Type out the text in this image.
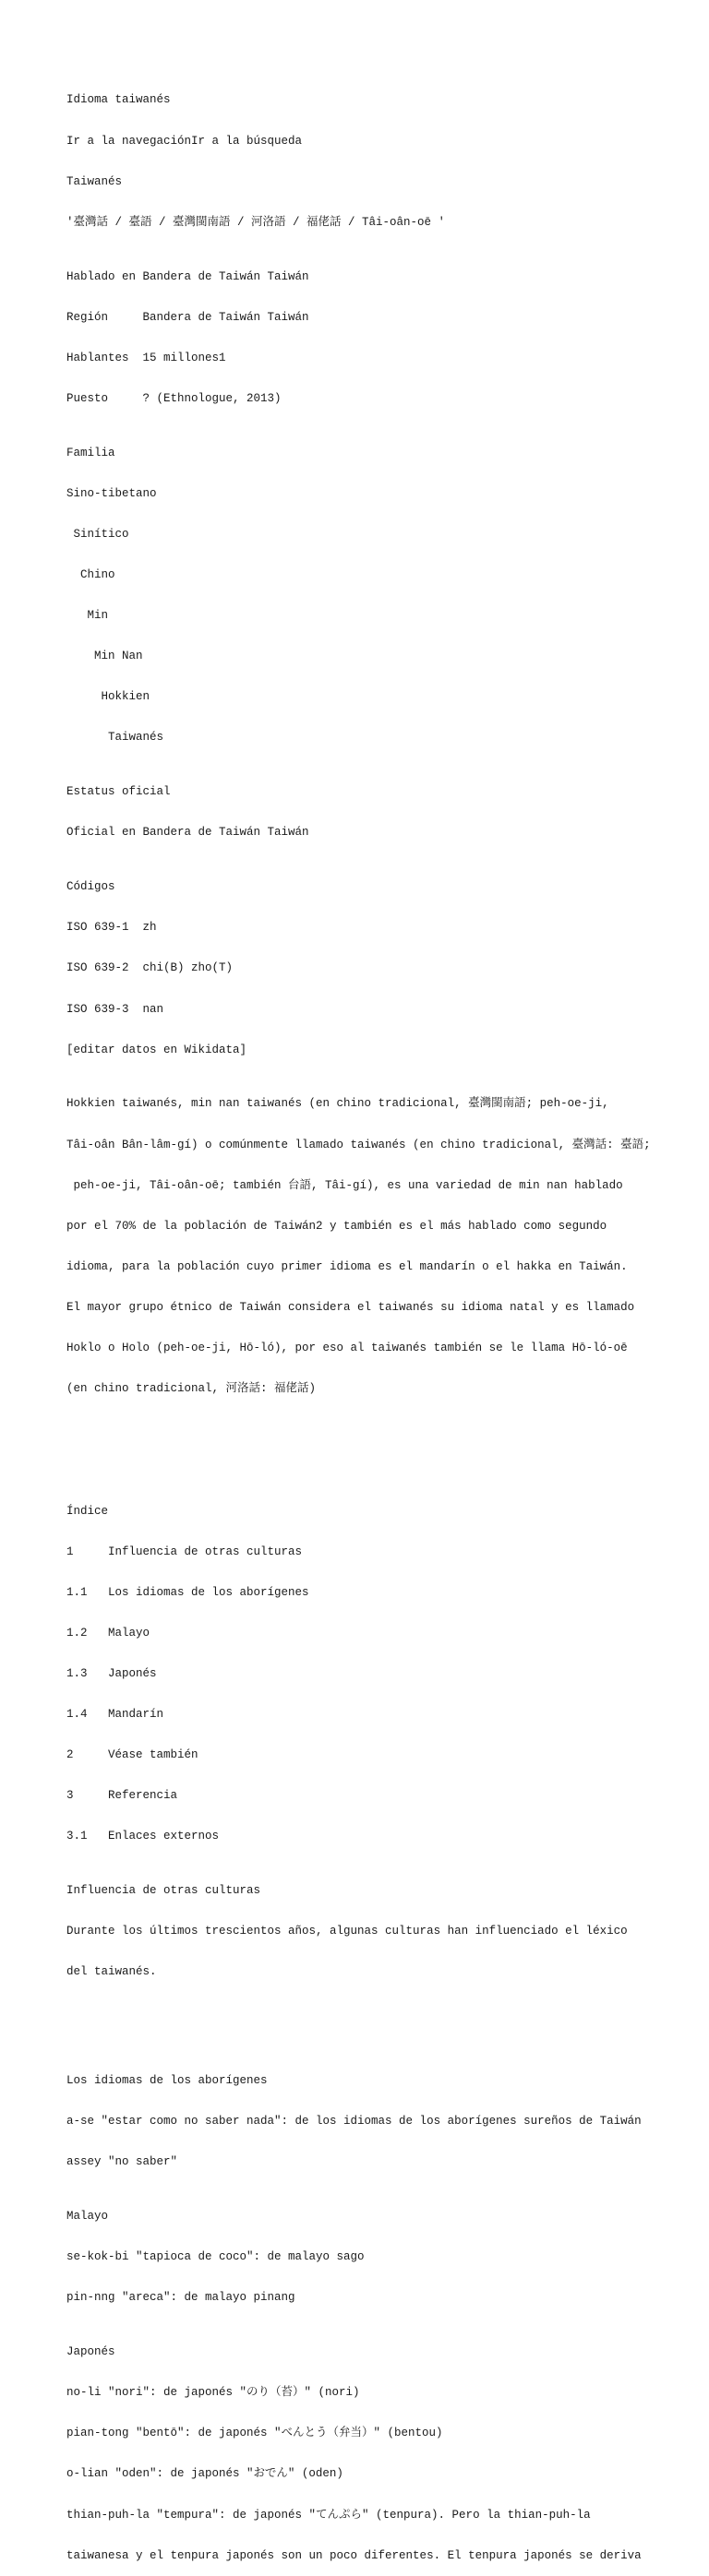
Idioma taiwanés

Ir a la navegaciónIr a la búsqueda

Taiwanés

'臺灣話 / 臺語 / 臺灣閩南語 / 河洛語 / 福佬話 / Tâi-oân-oē '

Hablado en Bandera de Taiwán Taiwán

Región     Bandera de Taiwán Taiwán

Hablantes  15 millones1

Puesto     ? (Ethnologue, 2013)

Familia

Sino-tibetano

Sinítico

Chino

Min

Min Nan

Hokkien

Taiwanés

Estatus oficial

Oficial en Bandera de Taiwán Taiwán

Códigos

ISO 639-1  zh

ISO 639-2  chi(B) zho(T)

ISO 639-3  nan

[editar datos en Wikidata]

Hokkien taiwanés, min nan taiwanés (en chino tradicional, 臺灣閩南語; peh-oe-ji,

Tâi-oân Bân-lâm-gí) o comúnmente llamado taiwanés (en chino tradicional, 臺灣話: 臺語;

peh-oe-ji, Tâi-oân-oē; también 台語, Tâi-gí), es una variedad de min nan hablado

por el 70% de la población de Taiwán2 y también es el más hablado como segundo

idioma, para la población cuyo primer idioma es el mandarín o el hakka en Taiwán.

El mayor grupo étnico de Taiwán considera el taiwanés su idioma natal y es llamado

Hoklo o Holo (peh-oe-ji, Hō-ló), por eso al taiwanés también se le llama Hō-ló-oē

(en chino tradicional, 河洛話: 福佬話)

Índice

1     Influencia de otras culturas

1.1   Los idiomas de los aborígenes

1.2   Malayo

1.3   Japonés

1.4   Mandarín

2     Véase también

3     Referencia

3.1   Enlaces externos

Influencia de otras culturas

Durante los últimos trescientos años, algunas culturas han influenciado el léxico

del taiwanés.

Los idiomas de los aborígenes

a-se "estar como no saber nada": de los idiomas de los aborígenes sureños de Taiwán

assey "no saber"

Malayo

se-kok-bi "tapioca de coco": de malayo sago

pin-nng "areca": de malayo pinang

Japonés

no-li "nori": de japonés "のり（苔）" (nori)

pian-tong "bentō": de japonés "べんとう（弁当）" (bentou)

o-lian "oden": de japonés "おでん" (oden)

thian-puh-la "tempura": de japonés "てんぷら" (tenpura). Pero la thian-puh-la

taiwanesa y el tenpura japonés son un poco diferentes. El tenpura japonés se deriva
